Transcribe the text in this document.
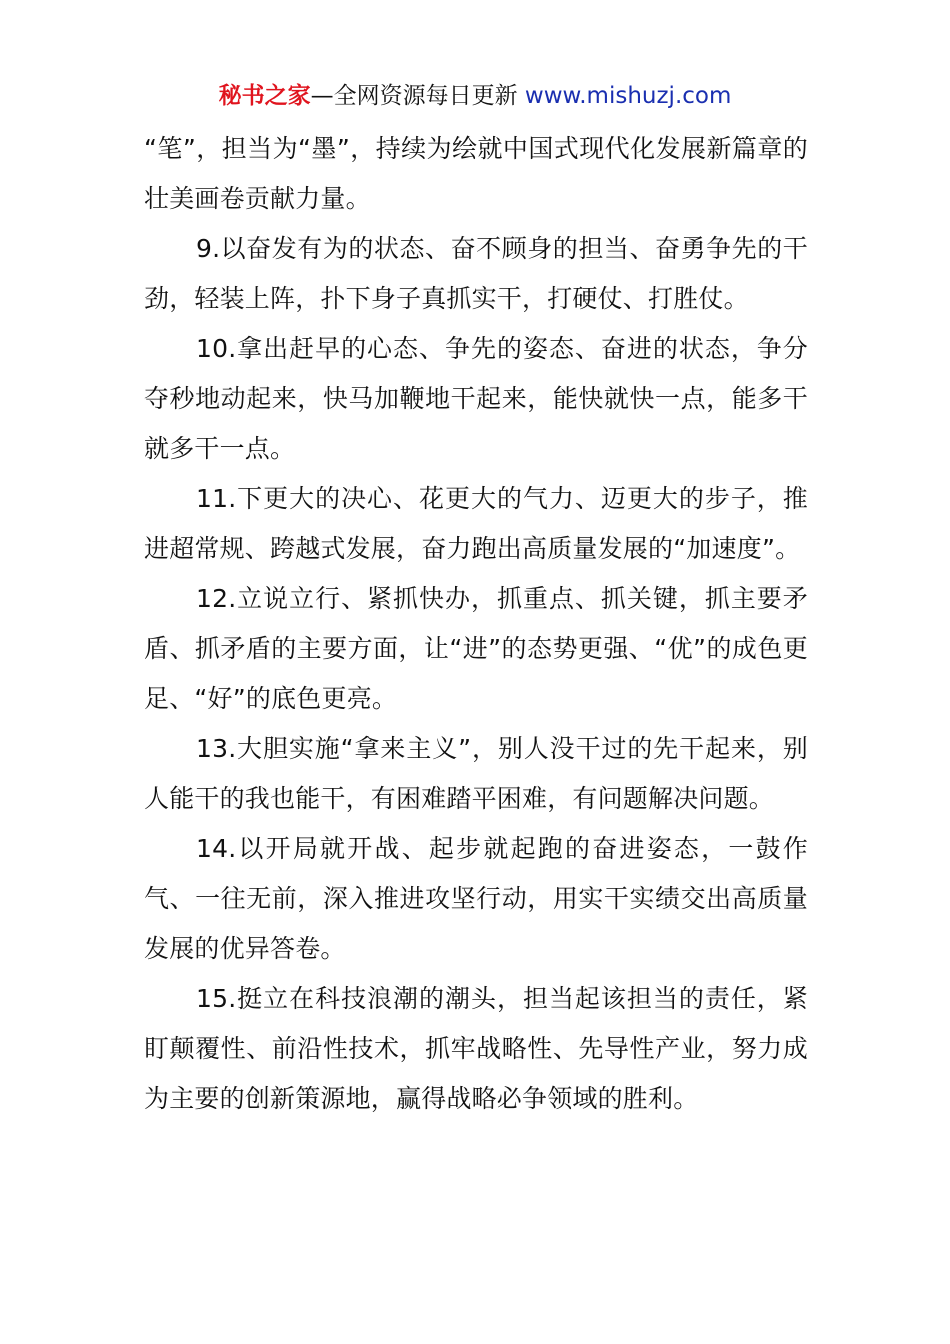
秘书之家—全网资源每日更新 www.mishuzj.com

“笔”，担当为“墨”，持续为绘就中国式现代化发展新篇章的壮美画卷贡献力量。

9.以奋发有为的状态、奋不顾身的担当、奋勇争先的干劲，轻装上阵，扑下身子真抓实干，打硬仗、打胜仗。

10.拿出赶早的心态、争先的姿态、奋进的状态，争分夺秒地动起来，快马加鞭地干起来，能快就快一点，能多干就多干一点。

11.下更大的决心、花更大的气力、迈更大的步子，推进超常规、跨越式发展，奋力跑出高质量发展的“加速度”。

12.立说立行、紧抓快办，抓重点、抓关键，抓主要矛盾、抓矛盾的主要方面，让“进”的态势更强、“优”的成色更足、“好”的底色更亮。

13.大胆实施“拿来主义”，别人没干过的先干起来，别人能干的我也能干，有困难踏平困难，有问题解决问题。

14.以开局就开战、起步就起跑的奋进姿态，一鼓作气、一往无前，深入推进攻坚行动，用实干实绩交出高质量发展的优异答卷。

15.挺立在科技浪潮的潮头，担当起该担当的责任，紧盯颠覆性、前沿性技术，抓牢战略性、先导性产业，努力成为主要的创新策源地，赢得战略必争领域的胜利。
